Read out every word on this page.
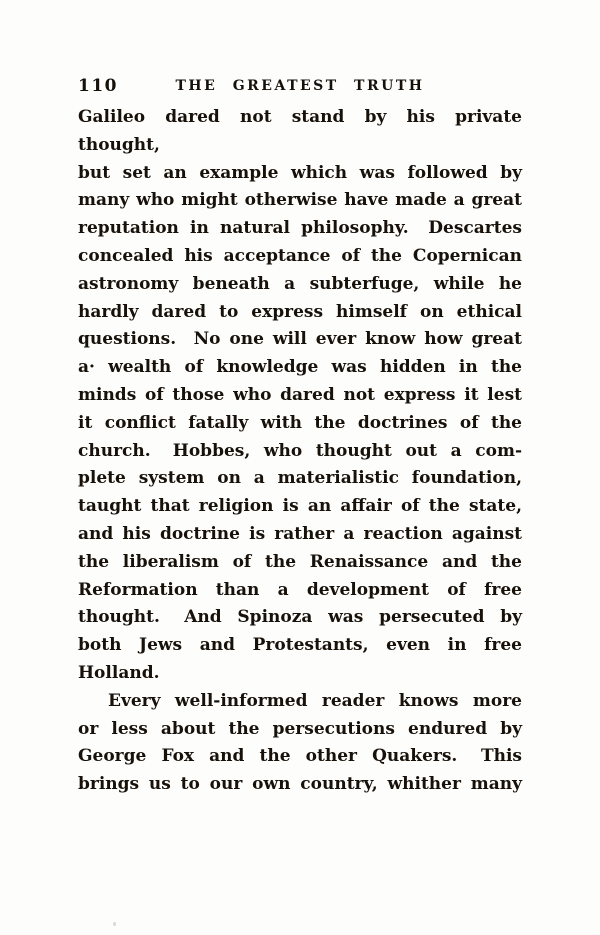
110	THE GREATEST TRUTH
Galileo dared not stand by his private thought,
but set an example which was followed by
many who might otherwise have made a great
reputation in natural philosophy.  Descartes
concealed his acceptance of the Copernican
astronomy beneath a subterfuge, while he
hardly dared to express himself on ethical
questions.  No one will ever know how great
a· wealth of knowledge was hidden in the
minds of those who dared not express it lest
it conflict fatally with the doctrines of the
church.  Hobbes, who thought out a com-
plete system on a materialistic foundation,
taught that religion is an affair of the state,
and his doctrine is rather a reaction against
the liberalism of the Renaissance and the
Reformation than a development of free
thought.  And Spinoza was persecuted by
both Jews and Protestants, even in free
Holland.
Every well-informed reader knows more
or less about the persecutions endured by
George Fox and the other Quakers.  This
brings us to our own country, whither many
